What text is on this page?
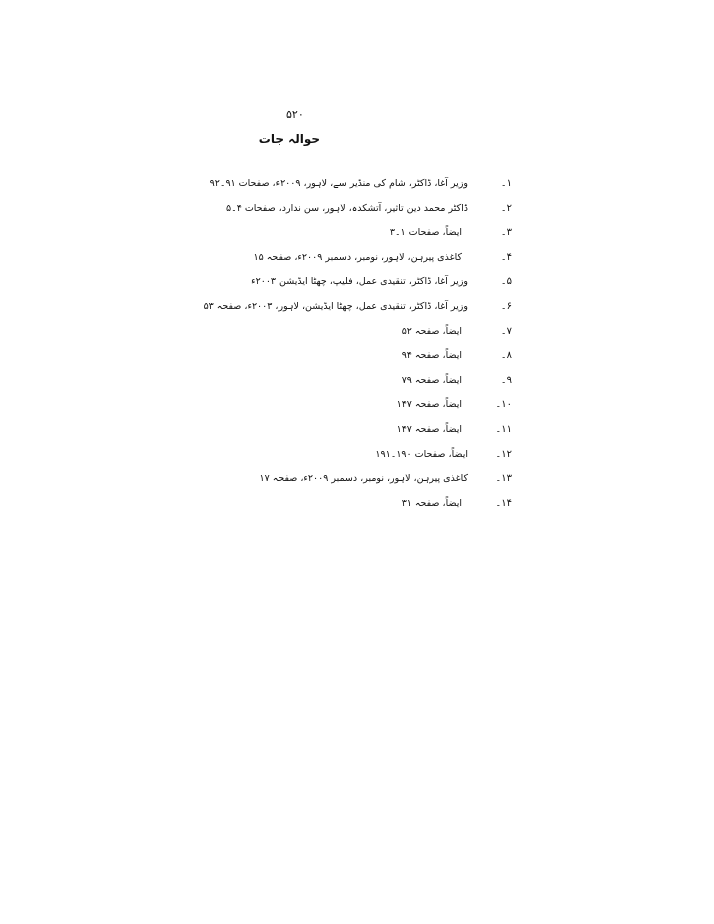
۵۲۰
حوالہ جات
۱۔
وزیر آغا، ڈاکٹر، شام کی منڈیر سے، لاہور، ۲۰۰۹ء، صفحات ۹۱۔۹۲
۲۔
ڈاکٹر محمد دین تاثیر، آتشکدہ، لاہور، سن ندارد، صفحات ۴۔۵
۳۔
ایضاً، صفحات ۱۔۳
۴۔
کاغذی پیرہن، لاہور، نومبر، دسمبر ۲۰۰۹ء، صفحہ ۱۵
۵۔
وزیر آغا، ڈاکٹر، تنقیدی عمل، فلیپ، چھٹا ایڈیشن ۲۰۰۳ء
۶۔
وزیر آغا، ڈاکٹر، تنقیدی عمل، چھٹا ایڈیشن، لاہور، ۲۰۰۳ء، صفحہ ۵۳
۷۔
ایضاً، صفحہ ۵۲
۸۔
ایضاً، صفحہ ۹۴
۹۔
ایضاً، صفحہ ۷۹
۱۰۔
ایضاً، صفحہ ۱۴۷
۱۱۔
ایضاً، صفحہ ۱۴۷
۱۲۔
ایضاً، صفحات ۱۹۰۔۱۹۱
۱۳۔
کاغذی پیرہن، لاہور، نومبر، دسمبر ۲۰۰۹ء، صفحہ ۱۷
۱۴۔
ایضاً، صفحہ ۳۱
